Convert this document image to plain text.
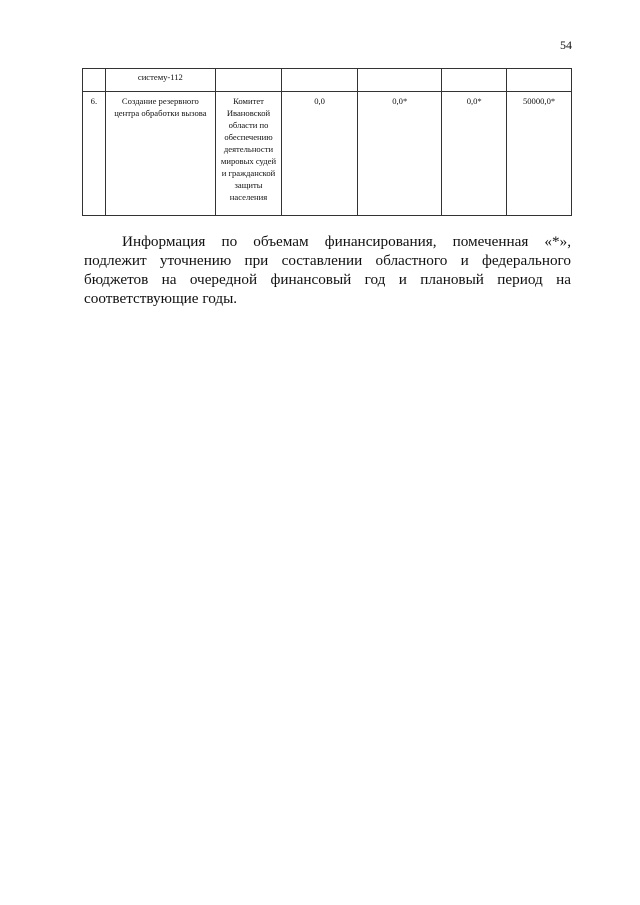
54
	систему-112					
6.	Создание резервного центра обработки вызова	Комитет Ивановской области по обеспечению деятельности мировых судей и гражданской защиты населения	0,0	0,0*	0,0*	50000,0*

Информация по объемам финансирования, помеченная «*», подлежит уточнению при составлении областного и федерального бюджетов на очередной финансовый год и плановый период на соответствующие годы.
